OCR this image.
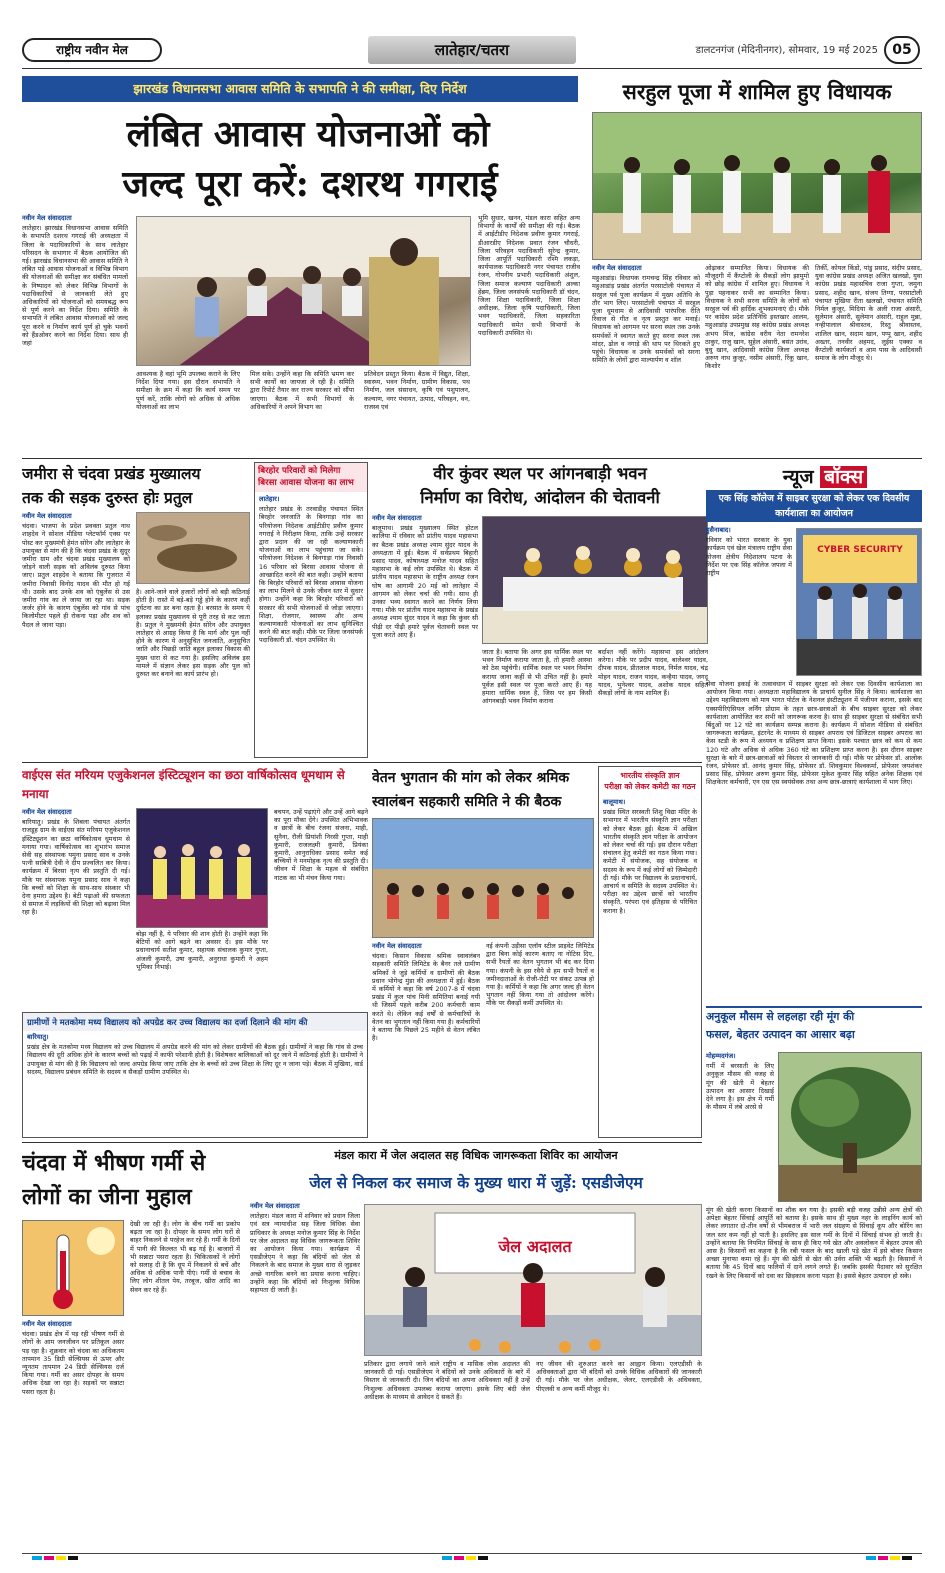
राष्ट्रीय नवीन मेल	लातेहार/चतरा	डालटनगंज (मेदिनीनगर), सोमवार, 19 मई 2025	05
झारखंड विधानसभा आवास समिति के सभापति ने की समीक्षा, दिए निर्देश
लंबित आवास योजनाओं को
जल्द पूरा करें: दशरथ गगराई
नवीन मेल संवाददाता
लातेहार। झारखंड विधानसभा आवास समिति के सभापति दशरथ गगराई की अध्यक्षता में जिला के पदाधिकारियों के साथ लातेहार परिसदन के सभागार में बैठक आयोजित की गई। झारखंड विधानसभा की आवास समिति ने लंबित पड़े आवास योजनाओं व विभिन्न विभाग की योजनाओं की समीक्षा कर संबंधित मामलों के निष्पादन को लेकर विभिन्न विभागों के पदाधिकारियों से जानकारी लेते हुए अधिकारियों को योजनाओं को समयबद्ध रूप से पूर्ण करने का निर्देश दिया। समिति के सभापति ने लंबित आवास योजनाओं को जल्द पूरा करने व निर्माण कार्य पूर्ण हो चुके भवनों को हैंडओवर करने का निर्देश दिया। साथ ही जहां
आवश्यक है वहां भूमि उपलब्ध कराने के लिए निर्देश दिया गया। इस दौरान सभापति ने समीक्षा के क्रम में कहा कि कार्य समय पर पूर्ण करें, ताकि लोगों को अधिक से अधिक योजनाओं का लाभ
मिल सके। उन्होंने कहा कि समिति भ्रमण कर सभी कार्यों का जायजा ले रही है। समिति द्वारा रिपोर्ट तैयार कर राज्य सरकार को सौंपा जाएगा। बैठक में सभी विभागों के अधिकारियों ने अपने विभाग का
प्रतिवेदन प्रस्तुत किया। बैठक में विद्युत, शिक्षा, स्वास्थ्य, भवन निर्माण, ग्रामीण विकास, पथ निर्माण, जल संसाधन, कृषि एवं पशुपालन, कल्याण, नगर पंचायत, उत्पाद, परिवहन, वन, राजस्व एवं
भूमि सुधार, खनन, मंडल कारा सहित अन्य विभागों के कार्यों की समीक्षा की गई। बैठक में आईटीडीए निदेशक प्रवीण कुमार गगराई, डीआरडीए निदेशक प्रवात रंजन चौधरी, जिला परिवहन पदाधिकारी सुरेन्द्र कुमार, जिला आपूर्ति पदाधिकारी रश्मि लकड़ा, कार्यपालक पदाधिकारी नगर पंचायत राजीव रंजन, गोपनीय प्रभारी पदाधिकारी अंशुल, जिला समाज कल्याण पदाधिकारी अल्का हेंब्रम, जिला जनसंपर्क पदाधिकारी डॉ चंदन, जिला शिक्षा पदाधिकारी, जिला शिक्षा अधीक्षक, जिला कृषि पदाधिकारी, जिला भवन पदाधिकारी, जिला सहकारिता पदाधिकारी समेत सभी विभागों के पदाधिकारी उपस्थित थे।
सरहुल पूजा में शामिल हुए विधायक
नवीन मेल संवाददाता
महुआडांड़। विधायक रामचन्द्र सिंह रविवार को महुआडांड़ प्रखंड अंतर्गत परसाटोली पंचायत में सरहुल पर्व पूजा कार्यक्रम में मुख्य अतिथि के तौर भाग लिए। परसाटोली पंचायत में सरहुल पूजा धूमधाम से आदिवासी पारंपरिक रीति रिवाज से गीत व नृत्य प्रस्तुत कर मनाई। विधायक को आगमन पर सरना स्थल तक उनके समर्थकों ने स्वागत करते हुए सरना स्थल तक मांदर, ढोल व नगाड़े की थाप पर थिरकते हुए पहुंचे। विधायक व उनके समर्थकों को सरना समिति के लोगों द्वारा माल्यार्पण व शॉल
ओढ़ाकर सम्मानित किया। विधायक की मौजूदगी में कैंप्टोली के सैकड़ों लोग झामुमो को छोड़ कांग्रेस में शामिल हुए। विधायक ने पुड़ा पहनाकर सभी का सम्मानित किया। विधायक ने सभी सरना समिति के लोगों को सरहुल पर्व की हार्दिक शुभकामनाएं दी। मौके पर कांग्रेस प्रदेश प्रतिनिधि इस्तखार आलम, महुआडांड़ उपप्रमुख सह कांग्रेस प्रखंड अध्यक्ष अभय मिंज, कांग्रेस वरीय नेता रामनरेश ठाकुर, राजु खान, सुहेल अंसारी, बसंत उरांव, बुधु खान, आदिवासी कांग्रेस जिला अध्यक्ष अरुण नाथ कुजूर, नसीम अंसारी, रिंकू खान, किशोर
तिर्की, कोयल किंडो, पांडु प्रसाद, संदीप प्रसाद, युवा कांग्रेस प्रखंड अध्यक्ष अजित खलखो, युवा कांग्रेस प्रखंड महासचिव राजा गुप्ता, जमुना प्रसाद, शहीद खान, संजय तिग्गा, परसाटोली पंचायत मुखिया रीता खलखो, पंचायत समिति निर्मल कुजूर, मिदिया के अली राजा अंसारी, सुलेमान अंसारी, सुलेमान अंसारी, राहुल मुन्ना, नन्हीपालाल श्रीवास्तव, रिस्तु श्रीवास्तव, शालिल खान, सदाम खान, पप्पू खान, शहीद अख्तर, तनवीर अहमद, लुईस एक्का व कैंप्टोली कार्यकर्ता व आम पास के आदिवासी समाज के लोग मौजूद थे।
जमीरा से चंदवा प्रखंड मुख्यालय
तक की सड़क दुरुस्त होः प्रतुल
नवीन मेल संवाददाता
चंदवा। भाजपा के प्रदेश प्रवक्ता प्रतुल नाथ शाहदेव ने सोशल मीडिया प्लेटफॉर्म एक्स पर पोस्ट कर मुख्यमंत्री हेमंत सोरेन और लातेहार के उपायुक्त से मांग की है कि चंदवा प्रखंड के सुदूर जमीरा ग्राम और चंदवा प्रखंड मुख्यालय को जोड़ने वाली सड़क को अविलंब दुरुस्त किया जाए। प्रतुल शाहदेव ने बताया कि गुजरात में जमीरा निवासी विनोद यादव की मौत हो गई थी। उसके बाद उनके शव को एंबुलेंस से उस जमीरा गांव का ले जाया जा रहा था। सड़क जर्जर होने के कारण एंबुलेंस को गांव से पांच किलोमीटर पहले ही रोकना पड़ा और शव को पैदल ले जाना पड़ा।
है। आने-जाने वाले हजारों लोगों को बड़ी कठिनाई होती है। रास्ते में बड़े-बड़े गड्ढे होने के कारण कहीं दुर्घटना का डर बना रहता है। बरसात के समय ये इलाका प्रखंड मुख्यालय से पूरी तरह से कट जाता है। प्रतुल ने मुख्यमंत्री हेमंत सोरेन और उपायुक्त लातेहार से आग्रह किया है कि मार्ग और पुल नहीं होने के कारण ये अनुसूचित जनजाति, अनुसूचित जाति और पिछड़ी जाति बहुल इलाका विकास की मुख्य धारा से कट गया है। इसलिए अविलंब इस मामले में संज्ञान लेकर इस सड़क और पुल को दुरुस्त कर बनाने का कार्य प्रारंभ हो।
बिरहोर परिवारों को मिलेगा
बिरसा आवास योजना का लाभ
लातेहार।
लातेहार प्रखंड के तरवाडीह पंचायत स्थित बिरहोर जनजाति के बिनगाड़ा गांव का परियोजना निदेशक आईटीडीए प्रवीण कुमार गगराई ने निरीक्षण किया, ताकि उन्हें सरकार द्वारा प्रदान की जा रही कल्याणकारी योजनाओं का लाभ पहुंचाया जा सके। परियोजना निदेशक ने बिनगाड़ा गांव निवासी 16 परिवार को बिरसा आवास योजना से आच्छादित करने की बात कही। उन्होंने बताया कि बिरहोर परिवारों को बिरसा आवास योजना का लाभ मिलने से उनके जीवन स्तर में सुधार होगा। उन्होंने कहा कि बिरहोर परिवारों को सरकार की सभी योजनाओं से जोड़ा जाएगा। शिक्षा, रोजगार, स्वास्थ्य और अन्य कल्याणकारी योजनाओं का लाभ सुनिश्चित करने की बात कही। मौके पर जिला जनसंपर्क पदाधिकारी डॉ. चंदन उपस्थित थे।
वीर कुंवर स्थल पर आंगनबाड़ी भवन
निर्माण का विरोध, आंदोलन की चेतावनी
नवीन मेल संवाददाता
बालूमाथ। प्रखंड मुख्यालय स्थित होटल कालिया में रविवार को प्रांतीय यादव महासभा का बैठक प्रखंड अध्यक्ष श्याम सुंदर यादव के अध्यक्षता में हुई। बैठक में सर्वप्रथम बिहारी प्रसाद यादव, कोषाध्यक्ष मनोज यादव सहित महासभा के कई लोग उपस्थित थे। बैठक में प्रांतीय यादव महासभा के राष्ट्रीय अध्यक्ष रंजन घोष का आगामी 20 मई को लातेहार में आगमन को लेकर चर्चा की गयी। साथ ही उनका भव्य स्वागत करने का निर्णय लिया गया। मौके पर प्रांतीय यादव महासभा के प्रखंड अध्यक्ष श्याम सुंदर यादव ने कहा कि कुंवर सी पीढ़ी दर पीढ़ी हमारे पूर्वज चेतावनी स्थल पर पूजा करते आए हैं।
जाता है। बताया कि अगर इस धार्मिक स्थल पर भवन निर्माण कराया जाता है, तो हमारी आस्था को ठेस पहुंचेगी। धार्मिक स्थल पर भवन निर्माण कराया जाना कहीं से भी उचित नहीं है। हमारे पूर्वज इसी स्थल पर पूजा करते आए हैं। यह हमारा धार्मिक स्थल है, जिस पर हम किसी आंगनबाड़ी भवन निर्माण कराना
बर्दाश्त नहीं करेंगे। महासभा इस आंदोलन करेगा। मौके पर प्रदीप यादव, बालेश्वर यादव, दीपक यादव, प्रीतलाल यादव, निर्मल यादव, चंद्र मोहन यादव, राजन यादव, कन्हैया यादव, जगदू यादव, भुनेश्वर यादव, अशोक यादव सहित सैकड़ों लोगों के नाम शामिल हैं।
न्यूज बॉक्स
एक सिंह कॉलेज में साइबर सुरक्षा को लेकर एक दिवसीय कार्यशाला का आयोजन
हुसैनाबाद।
रविवार को भारत सरकार के युवा कार्यक्रम एवं खेल मंत्रालय राष्ट्रीय सेवा योजना क्षेत्रीय निदेशालय पटना के निर्देश पर एक सिंह कॉलेज जपला में राष्ट्रीय
CYBER SECURITY
सेवा योजना इकाई के तत्वावधान में साइबर सुरक्षा को लेकर एक दिवसीय कार्यशाला का आयोजन किया गया। अध्यक्षता महाविद्यालय के प्राचार्य सुनील सिंह ने किया। कार्यशाला का उद्देश्य महाविद्यालय को माय भारत पोर्टल के नेशनल इंस्टीट्यूशन में पंजीयन कराना, इसके बाद एक्सपीरिएंसियल लर्निंग प्रोग्राम के तहत छात्र-छात्राओं के बीच साइबर सुरक्षा को लेकर कार्यशाला आयोजित कर सभी को जागरूक करना है। साथ ही साइबर सुरक्षा से संबंधित सभी बिंदुओं पर 12 घंटे का कार्यक्रम सम्पन्न कराना है। कार्यक्रम में सोशल मीडिया से संबंधित जागरूकता कार्यक्रम, इंटरनेट के माध्यम से साइबर अपराध एवं डिजिटल साइबर अपराध का केस स्टडी के रूप में अध्ययन व प्रशिक्षण प्राप्त किया। इसके पश्चात छात्र को कम से कम 120 घंटे और अधिक से अधिक 360 घंटे का प्रशिक्षण प्राप्त करना है। इस दौरान साइबर सुरक्षा के बारे में छात्र-छात्राओं को विस्तार से जानकारी दी गई। मौके पर प्रोफेसर डॉ. आलोक रंजन, प्रोफेसर डॉ. आनंद कुमार सिंह, प्रोफेसर डॉ. शिवकुमार विश्वकर्मा, प्रोफेसर जयशंकर प्रसाद सिंह, प्रोफेसर अरुण कुमार सिंह, प्रोफेसर मुकेश कुमार सिंह सहित अनेक शिक्षक एवं शिक्षकेतर कर्मचारी, एन एस एस स्वयंसेवक तथा अन्य छात्र-छात्राएं कार्यशाला में भाग लिए।
वाईएस संत मरियम एजुकेशनल इंस्टिट्यूशन का छठा वार्षिकोत्सव धूमधाम से मनाया
नवीन मेल संवाददाता
बारियातु। प्रखंड के शिबला पंचायत अंतर्गत राजडूह ग्राम के वाईएस संत मरियम एजुकेशनल इंस्टिट्यूशन का छठा वार्षिकोत्सव धूमधाम से मनाया गया। वार्षिकोत्सव का शुभारंभ समाज सेवी सह संस्थापक यमुना प्रसाद साव व उनके पत्नी साबित्री देवी ने दीप प्रज्वलित कर किया। कार्यक्रम में बिरसा नृत्य की प्रस्तुति दी गई। मौके पर संस्थापक यमुना प्रसाद साव ने कहा कि बच्चों को शिक्षा के साथ-साथ संस्कार भी देना हमारा उद्देश्य है। बेटी पढ़ाओ की सफलता से समाज में लड़कियों की शिक्षा को बढ़ावा मिल रहा है।
बोझ नहीं है, ये परिवार की शान होती है। उन्होंने कहा कि बेटियों को आगे बढ़ने का अवसर दें। इस मौके पर प्रधानाचार्य सतीश कुमार, सहायक संचालक कुमार गुप्ता, अंजली कुमारी, उषा कुमारी, अनुराधा कुमारी ने अहम भूमिका निभाई।
बचपन, उन्हें पढ़ाएंगे और उन्हें आगे बढ़ने का पूरा मौका देंगे। उपस्थित अभिभावक व छात्रों के बीच रंजना संजना, माही, सुनैना, रौली प्रियांशी निरसी गुप्ता, माही कुमारी, राजलक्ष्मी कुमारी, प्रियंका कुमारी, आनुराधिका प्रसाद समेत कई बच्चियों ने मनमोहक नृत्य की प्रस्तुति दी। जीवन में शिक्षा के महत्व से संबंधित नाटक का भी मंचन किया गया।
वेतन भुगतान की मांग को लेकर श्रमिक
स्वालंबन सहकारी समिति ने की बैठक
नवीन मेल संवाददाता
चंदवा। किसान विकास श्रमिक स्वावलंबन सहकारी समिति लिमिटेड के बैनर तले ग्रामीण श्रमिकों ने जुड़े कर्मियों व ग्रामीणों की बैठक प्रधान भोगेन्द्र मुंडा की अध्यक्षता में हुई। बैठक में कर्मियों ने कहा कि वर्ष 2007-8 में चंदवा प्रखंड में कुल पांच मिनी समितियां बनाई गयी थी जिसमें पहले करीब 200 कर्मचारी काम करते थे। लेकिन कई वर्षों से कर्मचारियों के वेतन का भुगतान नहीं किया गया है। कर्मचारियों ने बताया कि पिछले 25 महीने से वेतन लंबित है।
नई कंपनी उड़ीसा एलॉय स्टील प्राइवेट लिमिटेड द्वारा बिना कोई कारण बताए ना नोटिस दिए, सभी रैयतों का वेतन भुगतान भी बंद कर दिया गया। कंपनी के इस रवैये से हम सभी रैयतों व जमीनदाताओं के रोजी-रोटी पर संकट उत्पन्न हो गया है। कर्मियों ने कहा कि अगर जल्द ही वेतन भुगतान नहीं किया गया तो आंदोलन करेंगे। मौके पर सैकड़ों कर्मी उपस्थित थे।
भारतीय संस्कृति ज्ञान
परीक्षा को लेकर कमेटी का गठन
बालूमाथ।
प्रखंड स्थित सरस्वती शिशु विद्या मंदिर के सभागार में भारतीय संस्कृति ज्ञान परीक्षा को लेकर बैठक हुई। बैठक में अखिल भारतीय संस्कृति ज्ञान परीक्षा के आयोजन को लेकर चर्चा की गई। इस दौरान परीक्षा संचालन हेतु कमेटी का गठन किया गया। कमेटी में संयोजक, सह संयोजक व सदस्य के रूप में कई लोगों को जिम्मेदारी दी गई। मौके पर विद्यालय के प्रधानाचार्य, आचार्य व समिति के सदस्य उपस्थित थे। परीक्षा का उद्देश्य छात्रों को भारतीय संस्कृति, परंपरा एवं इतिहास से परिचित कराना है।
ग्रामीणों ने मतकोमा मध्य विद्यालय को अपग्रेड कर उच्च विद्यालय का दर्जा दिलाने की मांग की
बारियातु।
प्रखंड क्षेत्र के मतकोमा मध्य विद्यालय को उच्च विद्यालय में अपग्रेड करने की मांग को लेकर ग्रामीणों की बैठक हुई। ग्रामीणों ने कहा कि गांव से उच्च विद्यालय की दूरी अधिक होने के कारण बच्चों को पढ़ाई में काफी परेशानी होती है। विशेषकर बालिकाओं को दूर जाने में कठिनाई होती है। ग्रामीणों ने उपायुक्त से मांग की है कि विद्यालय को जल्द अपग्रेड किया जाए ताकि क्षेत्र के बच्चों को उच्च शिक्षा के लिए दूर न जाना पड़े। बैठक में मुखिया, वार्ड सदस्य, विद्यालय प्रबंधन समिति के सदस्य व सैकड़ों ग्रामीण उपस्थित थे।
अनुकूल मौसम से लहलहा रही मूंग की
फसल, बेहतर उत्पादन का आसार बढ़ा
मोहम्मदगंज।
गर्मी में बरसाती के लिए अनुकूल मौसम की वजह से मूंग की खेती में बेहतर उत्पादन का आसार दिखाई देने लगा है। इस क्षेत्र में गर्मी के मौसम में लंबे अरसे से
मूंग की खेती करना किसानों का शौक बन गया है। इसकी बड़ी वजह उन्नीसे अन्य क्षेत्रों की अपेक्षा बेहतर सिंचाई आपूर्ति को बताया है। इसके साथ ही मुख्य नहर के लाइनिंग कार्य को लेकर लगातार दो-तीन वर्षों से भीमबराज में भारी जल संग्रहण से सिंचाई कूप और बोरिंग का जल स्तर कम नहीं हो पाती है। इसलिए इस साल गर्मी के दिनों में सिंचाई संभव हो जाती है। उन्होंने बताया कि नियमित सिंचाई के साथ ही किए गये खेत और अवलोकन में बेहतर उपज की आस है। किसानों का कहना है कि रबी फसल के बाद खाली पड़े खेत में इसे बोकर किसान अच्छा मुनाफा कमा रहे हैं। मूंग की खेती से खेत की उर्वरा शक्ति भी बढ़ती है। किसानों ने बताया कि 45 दिनों बाद फलियों में दाने लगने लगते हैं। जबकि इसकी पैदावार को सुरक्षित रखने के लिए किसानों को दवा का छिड़काव करना पड़ता है। इससे बेहतर उत्पादन हो सके।
चंदवा में भीषण गर्मी से
लोगों का जीना मुहाल
नवीन मेल संवाददाता
चंदवा। प्रखंड क्षेत्र में पड़ रही भीषण गर्मी से लोगों के आम जनजीवन पर प्रतिकूल असर पड़ रहा है। शुक्रवार को चंदवा का अधिकतम तापमान 35 डिग्री सेल्सियस से ऊपर और न्यूनतम तापमान 24 डिग्री सेल्सियस दर्ज किया गया। गर्मी का असर दोपहर के समय अधिक देखा जा रहा है। सड़कों पर सन्नाटा पसरा रहता है।
देखी जा रही है। लोग के बीच गर्मी का प्रकोप बढ़ता जा रहा है। दोपहर के समय लोग घरों से बाहर निकलने से परहेज कर रहे हैं। गर्मी के दिनों में पानी की किल्लत भी बढ़ गई है। बाजारों में भी सन्नाटा पसरा रहता है। चिकित्सकों ने लोगों को सलाह दी है कि धूप में निकलने से बचें और अधिक से अधिक पानी पीएं। गर्मी से बचाव के लिए लोग शीतल पेय, तरबूज, खीरा आदि का सेवन कर रहे हैं।
मंडल कारा में जेल अदालत सह विधिक जागरूकता शिविर का आयोजन
जेल से निकल कर समाज के मुख्य धारा में जुड़ें: एसडीजेएम
नवीन मेल संवाददाता
लातेहार। मंडल कारा में शनिवार को प्रधान जिला एवं सत्र न्यायाधीश सह जिला विधिक सेवा प्राधिकार के अध्यक्ष मनोज कुमार सिंह के निर्देश पर जेल अदालत सह विधिक जागरूकता शिविर का आयोजन किया गया। कार्यक्रम में एसडीजेएम ने कहा कि बंदियों को जेल से निकलने के बाद समाज के मुख्य धारा से जुड़कर अच्छे नागरिक बनने का प्रयास करना चाहिए। उन्होंने कहा कि बंदियों को निःशुल्क विधिक सहायता दी जाती है।
जेल अदालत
प्रतिकार द्वारा लगाये जाने वाले राष्ट्रीय व मासिक लोक अदालत की जानकारी दी गई। एसडीजेएम ने बंदियों को उनके अधिकारों के बारे में विस्तार से जानकारी दी। जिन बंदियों का अपना अधिवक्ता नहीं है उन्हें निःशुल्क अधिवक्ता उपलब्ध कराया जाएगा। इसके लिए बंदी जेल अधीक्षक के माध्यम से आवेदन दे सकते हैं।
नए जीवन की शुरुआत करने का आह्वान किया। एलएडीसी के अधिवक्ताओं द्वारा भी बंदियों को उनके विधिक अधिकारों की जानकारी दी गई। मौके पर जेल अधीक्षक, जेलर, एलएडीसी के अधिवक्ता, पीएलवी व अन्य कर्मी मौजूद थे।
